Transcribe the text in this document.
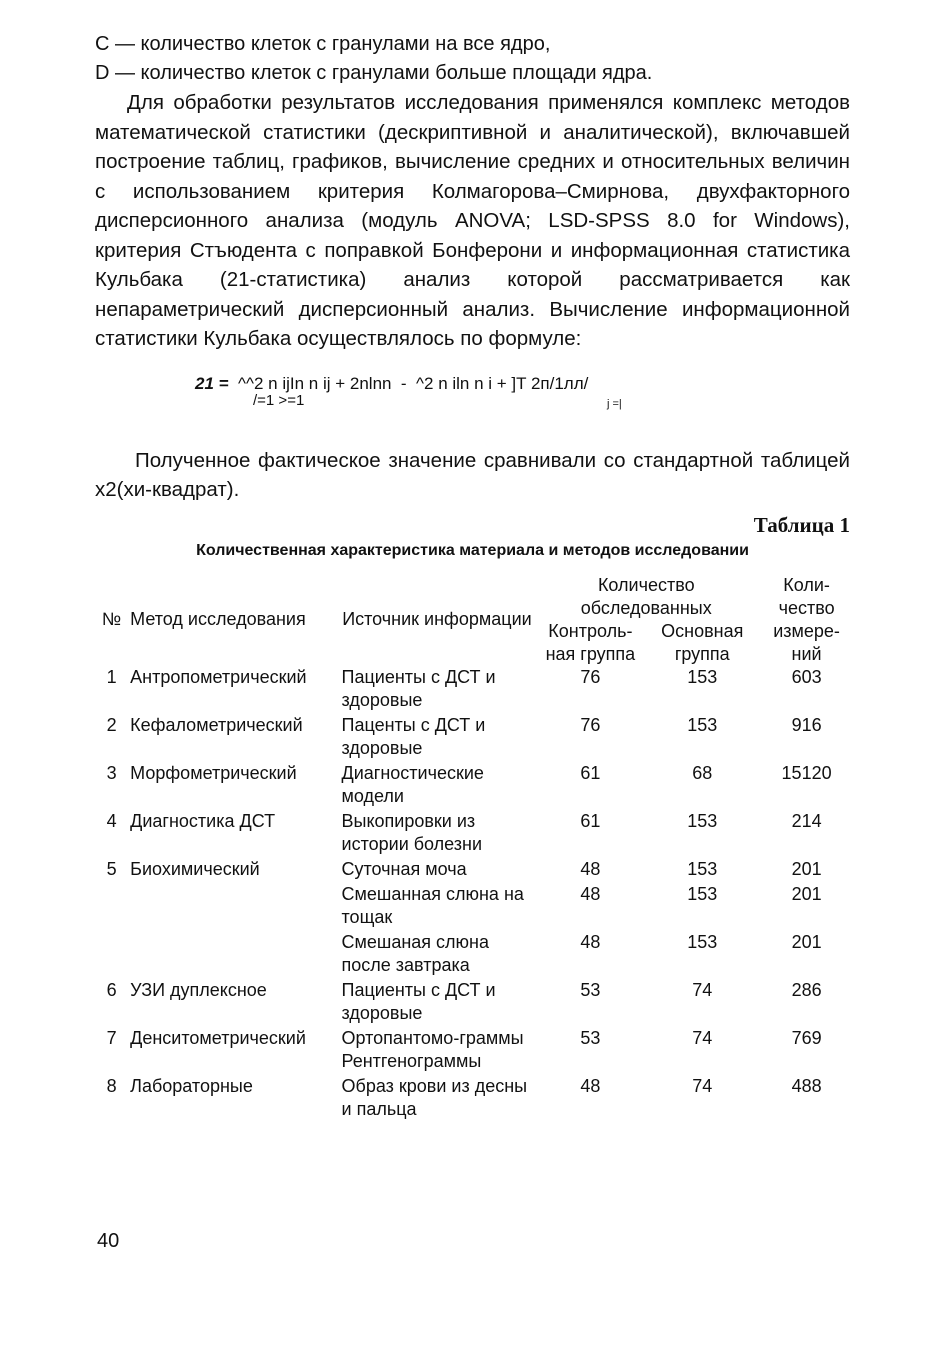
C — количество клеток с гранулами на все ядро,

D — количество клеток с гранулами больше площади ядра.

Для обработки результатов исследования применялся комплекс методов математической статистики (дескриптивной и аналитической), включавшей построение таблиц, графиков, вычисление средних и относительных величин с использованием критерия Колмагорова–Смирнова, двухфакторного дисперсионного анализа (модуль ANOVA; LSD-SPSS 8.0 for Windows), критерия Стъюдента с поправкой Бонферони и информационная статистика Кульбака (21-статистика) анализ которой рассматривается как непараметрический дисперсионный анализ. Вычисление информационной статистики Кульбака осуществлялось по формуле:

21 = ^^2 n ijIn n ij + 2nlnn  -  ^2 n iln n i + ]T 2п/1лл/
/=1 >=1	j =|

Полученное фактическое значение сравнивали со стандартной таблицей х2(хи-квадрат).

Таблица 1
Количественная характеристика материала и методов исследовании
№	Метод исследования	Источник информации	Количество обследованных		Коли-чество измере-ний
			Контроль-ная группа	Основная группа	
1	Антропометрический	Пациенты с ДСТ и здоровые	76	153	603
2	Кефалометрический	Паценты с ДСТ и здоровые	76	153	916
3	Морфометрический	Диагностические модели	61	68	15120
4	Диагностика ДСТ	Выкопировки из истории болезни	61	153	214
5	Биохимический	Суточная моча	48	153	201
		Смешанная слюна на тощак	48	153	201
		Смешаная слюна после завтрака	48	153	201
6	УЗИ дуплексное	Пациенты с ДСТ и здоровые	53	74	286
7	Денситометрический	Ортопантомо-граммы Рентгенограммы	53	74	769
8	Лабораторные	Образ крови из десны и пальца	48	74	488
40
